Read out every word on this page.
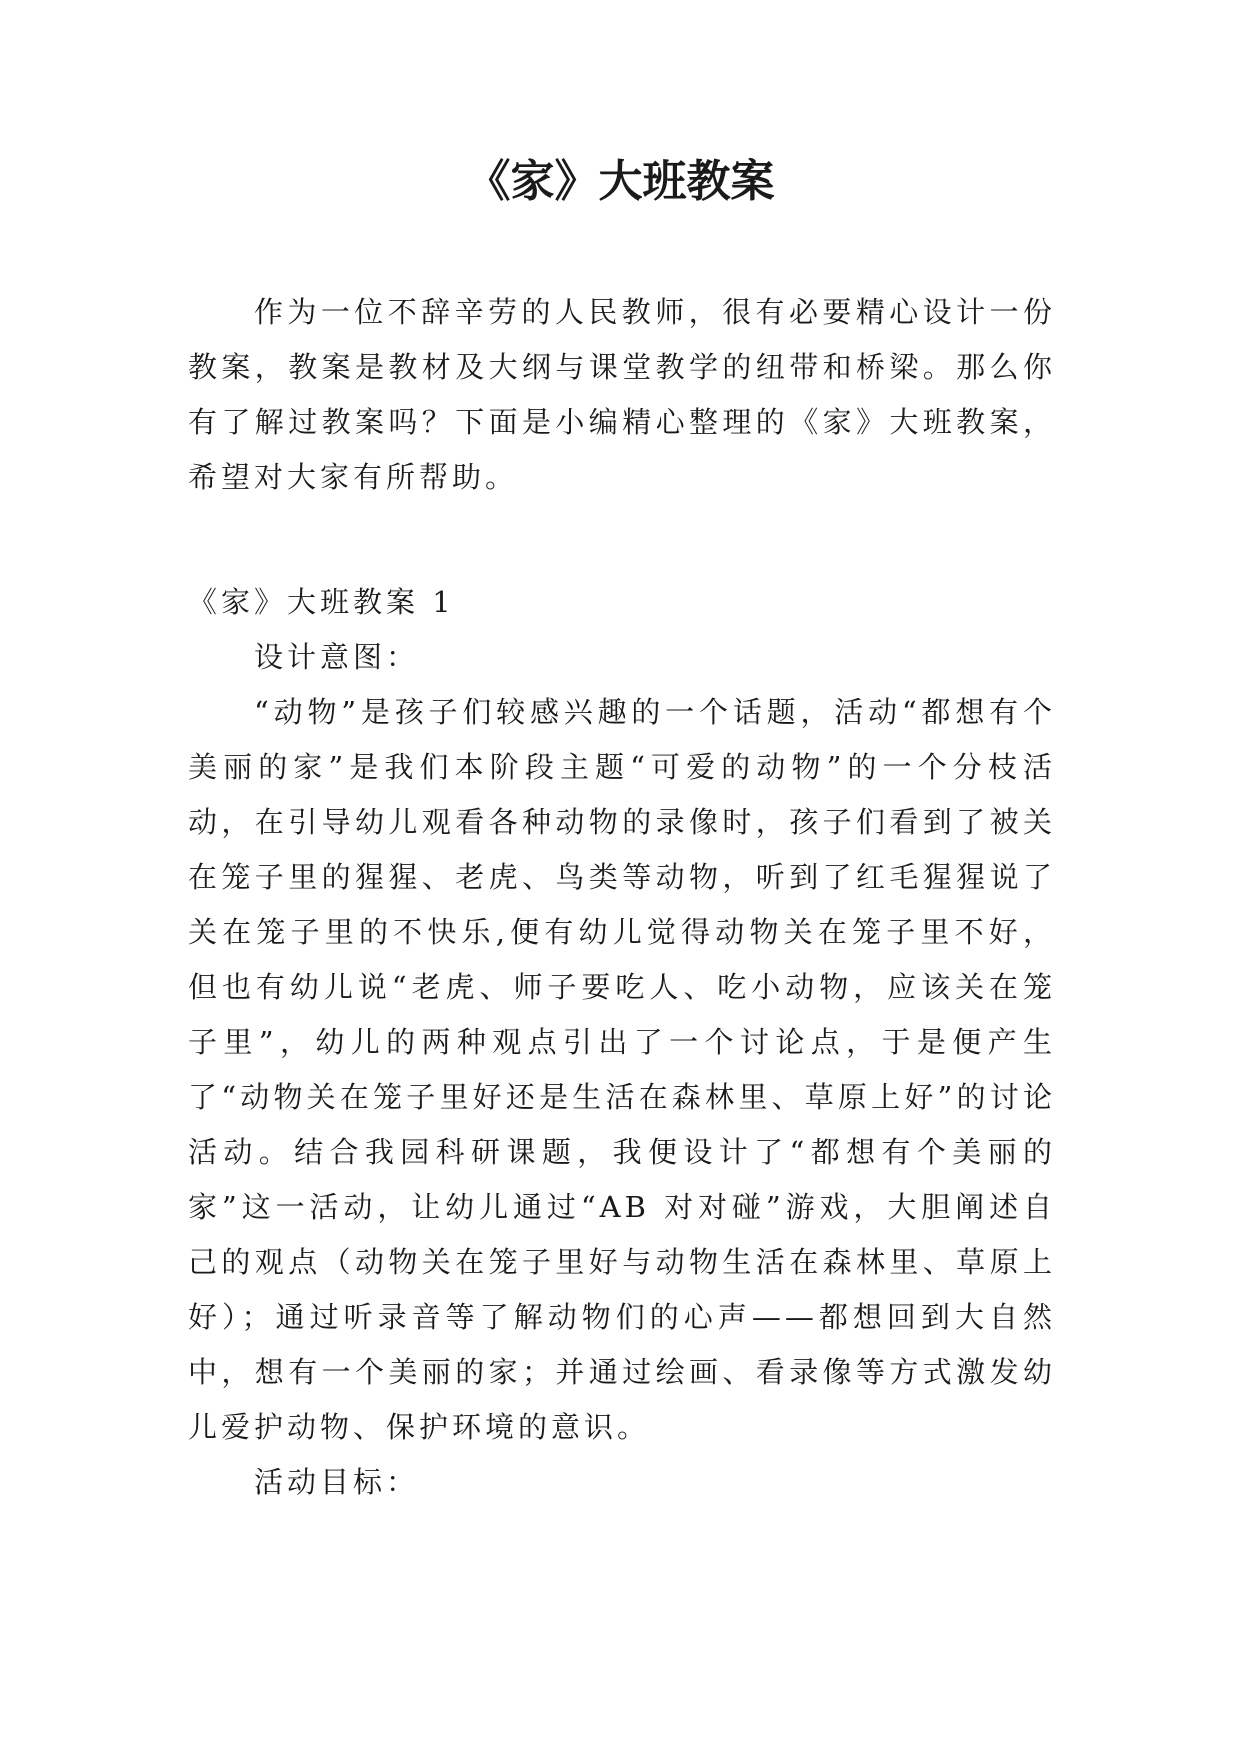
《家》大班教案

作为一位不辞辛劳的人民教师，很有必要精心设计一份教案，教案是教材及大纲与课堂教学的纽带和桥梁。那么你有了解过教案吗？下面是小编精心整理的《家》大班教案，希望对大家有所帮助。

《家》大班教案 1

设计意图：

“动物”是孩子们较感兴趣的一个话题，活动“都想有个美丽的家”是我们本阶段主题“可爱的动物”的一个分枝活动，在引导幼儿观看各种动物的录像时，孩子们看到了被关在笼子里的猩猩、老虎、鸟类等动物，听到了红毛猩猩说了关在笼子里的不快乐,便有幼儿觉得动物关在笼子里不好，但也有幼儿说“老虎、师子要吃人、吃小动物，应该关在笼子里”，幼儿的两种观点引出了一个讨论点，于是便产生了“动物关在笼子里好还是生活在森林里、草原上好”的讨论活动。结合我园科研课题，我便设计了“都想有个美丽的家”这一活动，让幼儿通过“AB 对对碰”游戏，大胆阐述自己的观点（动物关在笼子里好与动物生活在森林里、草原上好）；通过听录音等了解动物们的心声——都想回到大自然中，想有一个美丽的家；并通过绘画、看录像等方式激发幼儿爱护动物、保护环境的意识。

活动目标：
